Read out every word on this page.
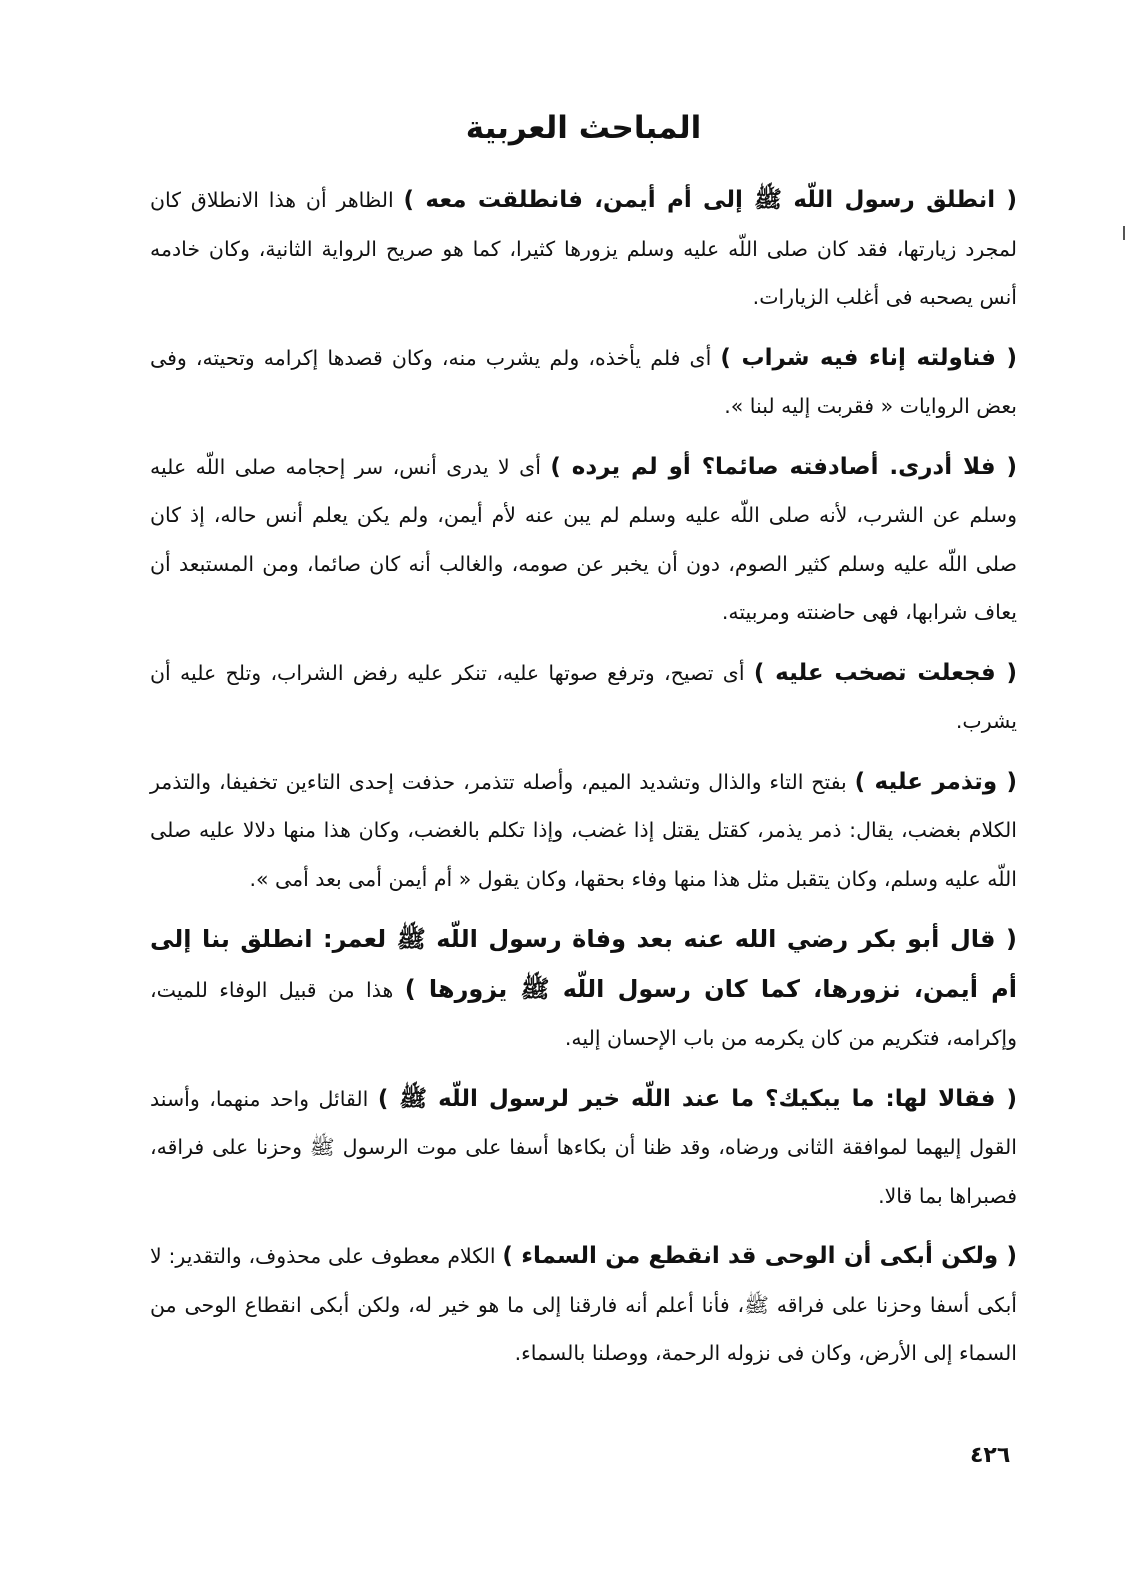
المباحث العربية

( انطلق رسول اللّه ﷺ إلى أم أيمن، فانطلقت معه ) الظاهر أن هذا الانطلاق كان لمجرد زيارتها، فقد كان صلى اللّه عليه وسلم يزورها كثيرا، كما هو صريح الرواية الثانية، وكان خادمه أنس يصحبه فى أغلب الزيارات.

( فناولته إناء فيه شراب ) أى فلم يأخذه، ولم يشرب منه، وكان قصدها إكرامه وتحيته، وفى بعض الروايات « فقربت إليه لبنا ».

( فلا أدرى. أصادفته صائما؟ أو لم يرده ) أى لا يدرى أنس، سر إحجامه صلى اللّه عليه وسلم عن الشرب، لأنه صلى اللّه عليه وسلم لم يبن عنه لأم أيمن، ولم يكن يعلم أنس حاله، إذ كان صلى اللّه عليه وسلم كثير الصوم، دون أن يخبر عن صومه، والغالب أنه كان صائما، ومن المستبعد أن يعاف شرابها، فهى حاضنته ومربيته.

( فجعلت تصخب عليه ) أى تصيح، وترفع صوتها عليه، تنكر عليه رفض الشراب، وتلح عليه أن يشرب.

( وتذمر عليه ) بفتح التاء والذال وتشديد الميم، وأصله تتذمر، حذفت إحدى التاءين تخفيفا، والتذمر الكلام بغضب، يقال: ذمر يذمر، كقتل يقتل إذا غضب، وإذا تكلم بالغضب، وكان هذا منها دلالا عليه صلى اللّه عليه وسلم، وكان يتقبل مثل هذا منها وفاء بحقها، وكان يقول « أم أيمن أمى بعد أمى ».

( قال أبو بكر رضي الله عنه بعد وفاة رسول اللّه ﷺ لعمر: انطلق بنا إلى أم أيمن، نزورها، كما كان رسول اللّه ﷺ يزورها ) هذا من قبيل الوفاء للميت، وإكرامه، فتكريم من كان يكرمه من باب الإحسان إليه.

( فقالا لها: ما يبكيك؟ ما عند اللّه خير لرسول اللّه ﷺ ) القائل واحد منهما، وأسند القول إليهما لموافقة الثانى ورضاه، وقد ظنا أن بكاءها أسفا على موت الرسول ﷺ وحزنا على فراقه، فصبراها بما قالا.

( ولكن أبكى أن الوحى قد انقطع من السماء ) الكلام معطوف على محذوف، والتقدير: لا أبكى أسفا وحزنا على فراقه ﷺ، فأنا أعلم أنه فارقنا إلى ما هو خير له، ولكن أبكى انقطاع الوحى من السماء إلى الأرض، وكان فى نزوله الرحمة، ووصلنا بالسماء.

٤٢٦
